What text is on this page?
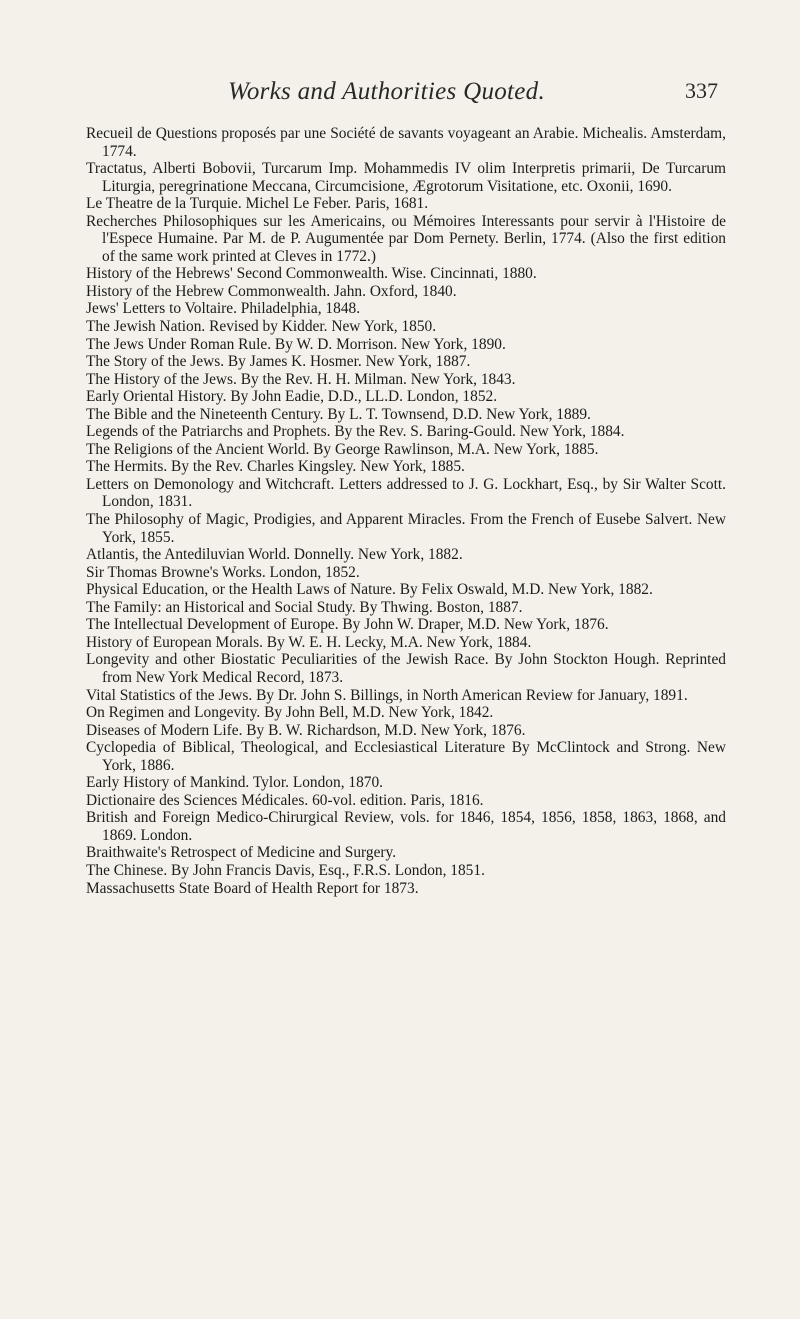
Works and Authorities Quoted.	337
Recueil de Questions proposés par une Société de savants voyageant an Arabie. Michealis. Amsterdam, 1774.
Tractatus, Alberti Bobovii, Turcarum Imp. Mohammedis IV olim Interpretis primarii, De Turcarum Liturgia, peregrinatione Meccana, Circumcisione, Ægrotorum Visitatione, etc. Oxonii, 1690.
Le Theatre de la Turquie. Michel Le Feber. Paris, 1681.
Recherches Philosophiques sur les Americains, ou Mémoires Interessants pour servir à l'Histoire de l'Espece Humaine. Par M. de P. Augumentée par Dom Pernety. Berlin, 1774. (Also the first edition of the same work printed at Cleves in 1772.)
History of the Hebrews' Second Commonwealth. Wise. Cincinnati, 1880.
History of the Hebrew Commonwealth. Jahn. Oxford, 1840.
Jews' Letters to Voltaire. Philadelphia, 1848.
The Jewish Nation. Revised by Kidder. New York, 1850.
The Jews Under Roman Rule. By W. D. Morrison. New York, 1890.
The Story of the Jews. By James K. Hosmer. New York, 1887.
The History of the Jews. By the Rev. H. H. Milman. New York, 1843.
Early Oriental History. By John Eadie, D.D., LL.D. London, 1852.
The Bible and the Nineteenth Century. By L. T. Townsend, D.D. New York, 1889.
Legends of the Patriarchs and Prophets. By the Rev. S. Baring-Gould. New York, 1884.
The Religions of the Ancient World. By George Rawlinson, M.A. New York, 1885.
The Hermits. By the Rev. Charles Kingsley. New York, 1885.
Letters on Demonology and Witchcraft. Letters addressed to J. G. Lockhart, Esq., by Sir Walter Scott. London, 1831.
The Philosophy of Magic, Prodigies, and Apparent Miracles. From the French of Eusebe Salvert. New York, 1855.
Atlantis, the Antediluvian World. Donnelly. New York, 1882.
Sir Thomas Browne's Works. London, 1852.
Physical Education, or the Health Laws of Nature. By Felix Oswald, M.D. New York, 1882.
The Family: an Historical and Social Study. By Thwing. Boston, 1887.
The Intellectual Development of Europe. By John W. Draper, M.D. New York, 1876.
History of European Morals. By W. E. H. Lecky, M.A. New York, 1884.
Longevity and other Biostatic Peculiarities of the Jewish Race. By John Stockton Hough. Reprinted from New York Medical Record, 1873.
Vital Statistics of the Jews. By Dr. John S. Billings, in North American Review for January, 1891.
On Regimen and Longevity. By John Bell, M.D. New York, 1842.
Diseases of Modern Life. By B. W. Richardson, M.D. New York, 1876.
Cyclopedia of Biblical, Theological, and Ecclesiastical Literature By McClintock and Strong. New York, 1886.
Early History of Mankind. Tylor. London, 1870.
Dictionaire des Sciences Médicales. 60-vol. edition. Paris, 1816.
British and Foreign Medico-Chirurgical Review, vols. for 1846, 1854, 1856, 1858, 1863, 1868, and 1869. London.
Braithwaite's Retrospect of Medicine and Surgery.
The Chinese. By John Francis Davis, Esq., F.R.S. London, 1851.
Massachusetts State Board of Health Report for 1873.
